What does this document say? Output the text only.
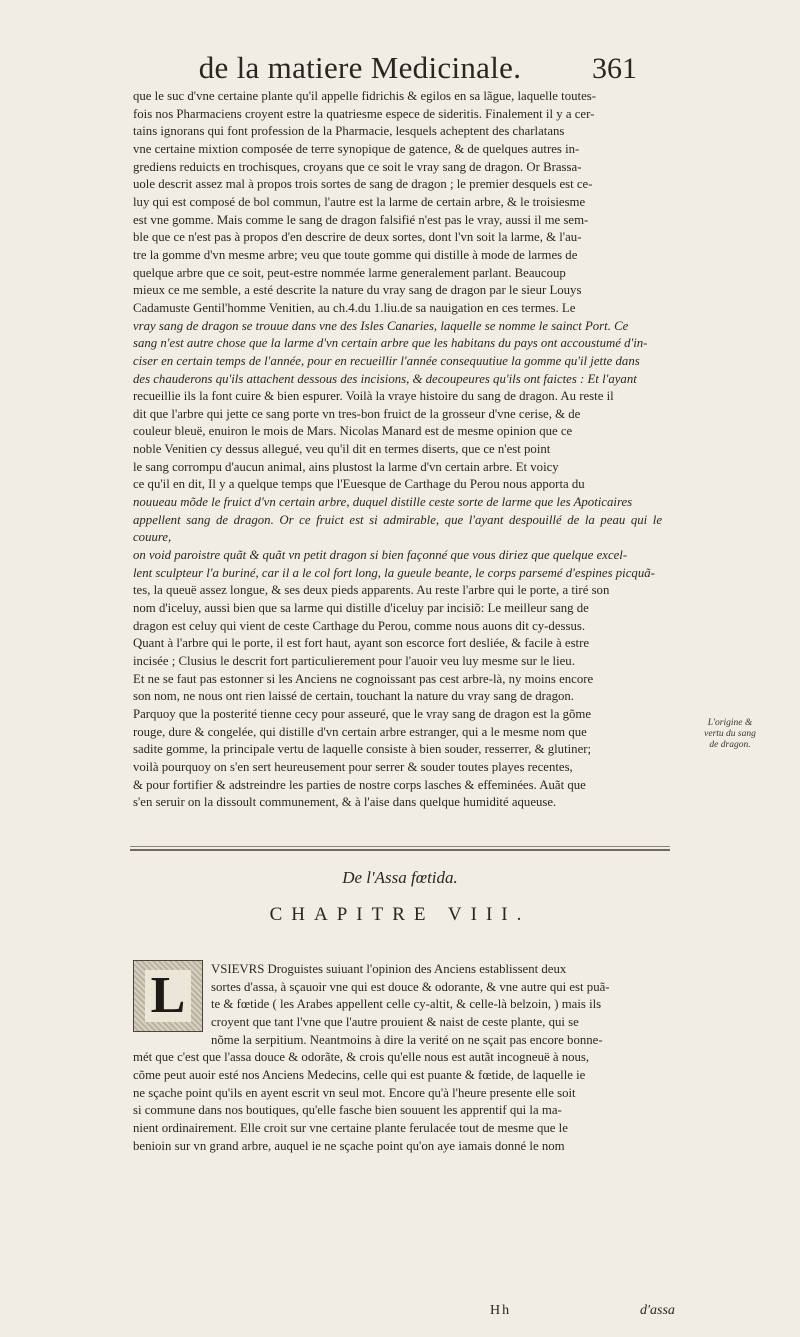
de la matiere Medicinale.	361

que le suc d'vne certaine plante qu'il appelle fidrichis & egilos en sa lãgue, laquelle toutes-

fois nos Pharmaciens croyent estre la quatriesme espece de sideritis. Finalement il y a cer-

tains ignorans qui font profession de la Pharmacie, lesquels acheptent des charlatans

vne certaine mixtion composée de terre synopique de gatence, & de quelques autres in-

grediens reduicts en trochisques, croyans que ce soit le vray sang de dragon. Or Brassa-

uole descrit assez mal à propos trois sortes de sang de dragon ; le premier desquels est ce-

luy qui est composé de bol commun, l'autre est la larme de certain arbre, & le troisiesme

est vne gomme. Mais comme le sang de dragon falsifié n'est pas le vray, aussi il me sem-

ble que ce n'est pas à propos d'en descrire de deux sortes, dont l'vn soit la larme, & l'au-

tre la gomme d'vn mesme arbre; veu que toute gomme qui distille à mode de larmes de

quelque arbre que ce soit, peut-estre nommée larme generalement parlant. Beaucoup

mieux ce me semble, a esté descrite la nature du vray sang de dragon par le sieur Louys

Cadamuste Gentil'homme Venitien, au ch.4.du 1.liu.de sa nauigation en ces termes. Le

vray sang de dragon se trouue dans vne des Isles Canaries, laquelle se nomme le sainct Port. Ce

sang n'est autre chose que la larme d'vn certain arbre que les habitans du pays ont accoustumé d'in-

ciser en certain temps de l'année, pour en recueillir l'année consequutiue la gomme qu'il jette dans

des chauderons qu'ils attachent dessous des incisions, & decoupeures qu'ils ont faictes : Et l'ayant

recueillie ils la font cuire & bien espurer. Voilà la vraye histoire du sang de dragon. Au reste il

dit que l'arbre qui jette ce sang porte vn tres-bon fruict de la grosseur d'vne cerise, & de

couleur bleuë, enuiron le mois de Mars. Nicolas Manard est de mesme opinion que ce

noble Venitien cy dessus allegué, veu qu'il dit en termes diserts, que ce n'est point

le sang corrompu d'aucun animal, ains plustost la larme d'vn certain arbre. Et voicy

ce qu'il en dit, Il y a quelque temps que l'Euesque de Carthage du Perou nous apporta du

nouueau mõde le fruict d'vn certain arbre, duquel distille ceste sorte de larme que les Apoticaires

appellent sang de dragon. Or ce fruict est si admirable, que l'ayant despouillé de la peau qui le couure,

on void paroistre quãt & quãt vn petit dragon si bien façonné que vous diriez que quelque excel-

lent sculpteur l'a buriné, car il a le col fort long, la gueule beante, le corps parsemé d'espines picquã-

tes, la queuë assez longue, & ses deux pieds apparents. Au reste l'arbre qui le porte, a tiré son

nom d'iceluy, aussi bien que sa larme qui distille d'iceluy par incisiõ: Le meilleur sang de

dragon est celuy qui vient de ceste Carthage du Perou, comme nous auons dit cy-dessus.

Quant à l'arbre qui le porte, il est fort haut, ayant son escorce fort desliée, & facile à estre

incisée ; Clusius le descrit fort particulierement pour l'auoir veu luy mesme sur le lieu.

Et ne se faut pas estonner si les Anciens ne cognoissant pas cest arbre-là, ny moins encore

son nom, ne nous ont rien laissé de certain, touchant la nature du vray sang de dragon.

Parquoy que la posterité tienne cecy pour asseuré, que le vray sang de dragon est la gõme

rouge, dure & congelée, qui distille d'vn certain arbre estranger, qui a le mesme nom que

sadite gomme, la principale vertu de laquelle consiste à bien souder, resserrer, & glutiner;

voilà pourquoy on s'en sert heureusement pour serrer & souder toutes playes recentes,

& pour fortifier & adstreindre les parties de nostre corps lasches & effeminées. Auãt que

s'en seruir on la dissoult communement, & à l'aise dans quelque humidité aqueuse.

L'origine &
vertu du sang
de dragon.
De l'Assa fœtida.
CHAPITRE VIII.
L	VSIEVRS Droguistes suiuant l'opinion des Anciens establissent deux

sortes d'assa, à sçauoir vne qui est douce & odorante, & vne autre qui est puã-

te & fœtide ( les Arabes appellent celle cy-altit, & celle-là belzoin, ) mais ils

croyent que tant l'vne que l'autre prouient & naist de ceste plante, qui se

nõme la serpitium. Neantmoins à dire la verité on ne sçait pas encore bonne-

mét que c'est que l'assa douce & odorãte, & crois qu'elle nous est autãt incogneuë à nous,

cõme peut auoir esté nos Anciens Medecins, celle qui est puante & fœtide, de laquelle ie

ne sçache point qu'ils en ayent escrit vn seul mot. Encore qu'à l'heure presente elle soit

si commune dans nos boutiques, qu'elle fasche bien souuent les apprentif qui la ma-

nient ordinairement. Elle croit sur vne certaine plante ferulacée tout de mesme que le

benioin sur vn grand arbre, auquel ie ne sçache point qu'on aye iamais donné le nom

Hh	d'assa
